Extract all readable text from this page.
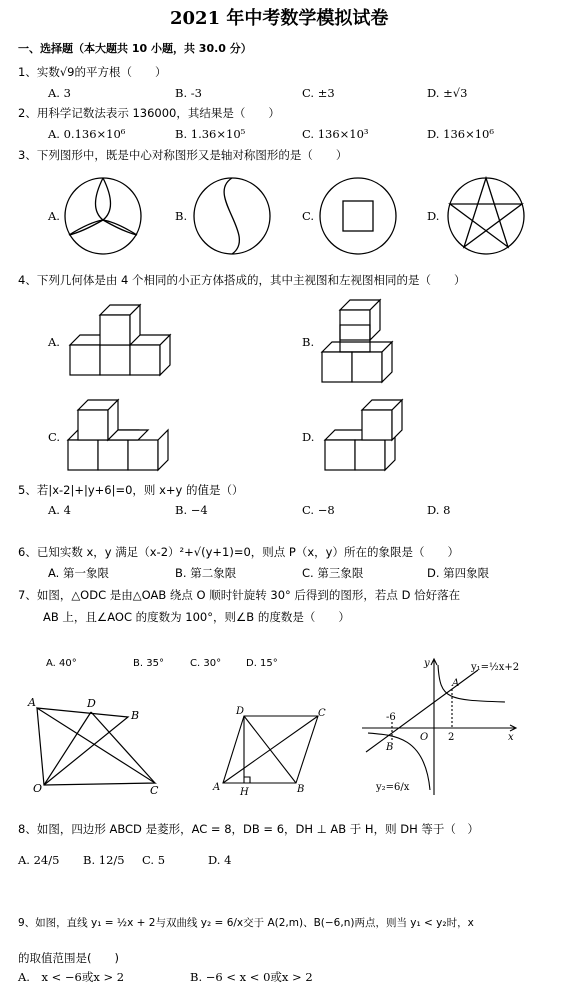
2021 年中考数学模拟试卷
一、选择题（本大题共 10 小题，共 30.0 分）
1、实数√9的平方根（　　）
A. 3	B. -3	C. ±3	D. ±√3
2、用科学记数法表示 136000，其结果是（　　）
A. 0.136×10⁶	B. 1.36×10⁵	C. 136×10³	D. 136×10⁶
3、下列图形中，既是中心对称图形又是轴对称图形的是（　　）
A.	B.	C.	D.
4、下列几何体是由 4 个相同的小正方体搭成的，其中主视图和左视图相同的是（　　）
A.	B.
C.	D.
5、若|x-2|+|y+6|=0，则 x+y 的值是（）
A. 4	B. −4	C. −8	D. 8
6、已知实数 x，y 满足（x-2）²+√(y+1)=0，则点 P（x，y）所在的象限是（　　）
A. 第一象限	B. 第二象限	C. 第三象限	D. 第四象限
7、如图，△ODC 是由△OAB 绕点 O 顺时针旋转 30° 后得到的图形，若点 D 恰好落在
AB 上，且∠AOC 的度数为 100°，则∠B 的度数是（　　）
A. 40°	B. 35°	C. 30° D. 15°
A	D
B
O	C
D	C
A H	B
y
x
O
A
B
-6
2
y₁=½x+2
y₂=6/x
8、如图，四边形 ABCD 是菱形，AC = 8，DB = 6，DH ⊥ AB 于 H，则 DH 等于（　）
A. 24/5 B. 12/5 C. 5	D. 4
9、如图，直线 y₁ = ½x + 2与双曲线 y₂ = 6/x交于 A(2,m)、B(−6,n)两点，则当 y₁ < y₂时，x
的取值范围是(　　)
A.　x < −6或x > 2	B. −6 < x < 0或x > 2
